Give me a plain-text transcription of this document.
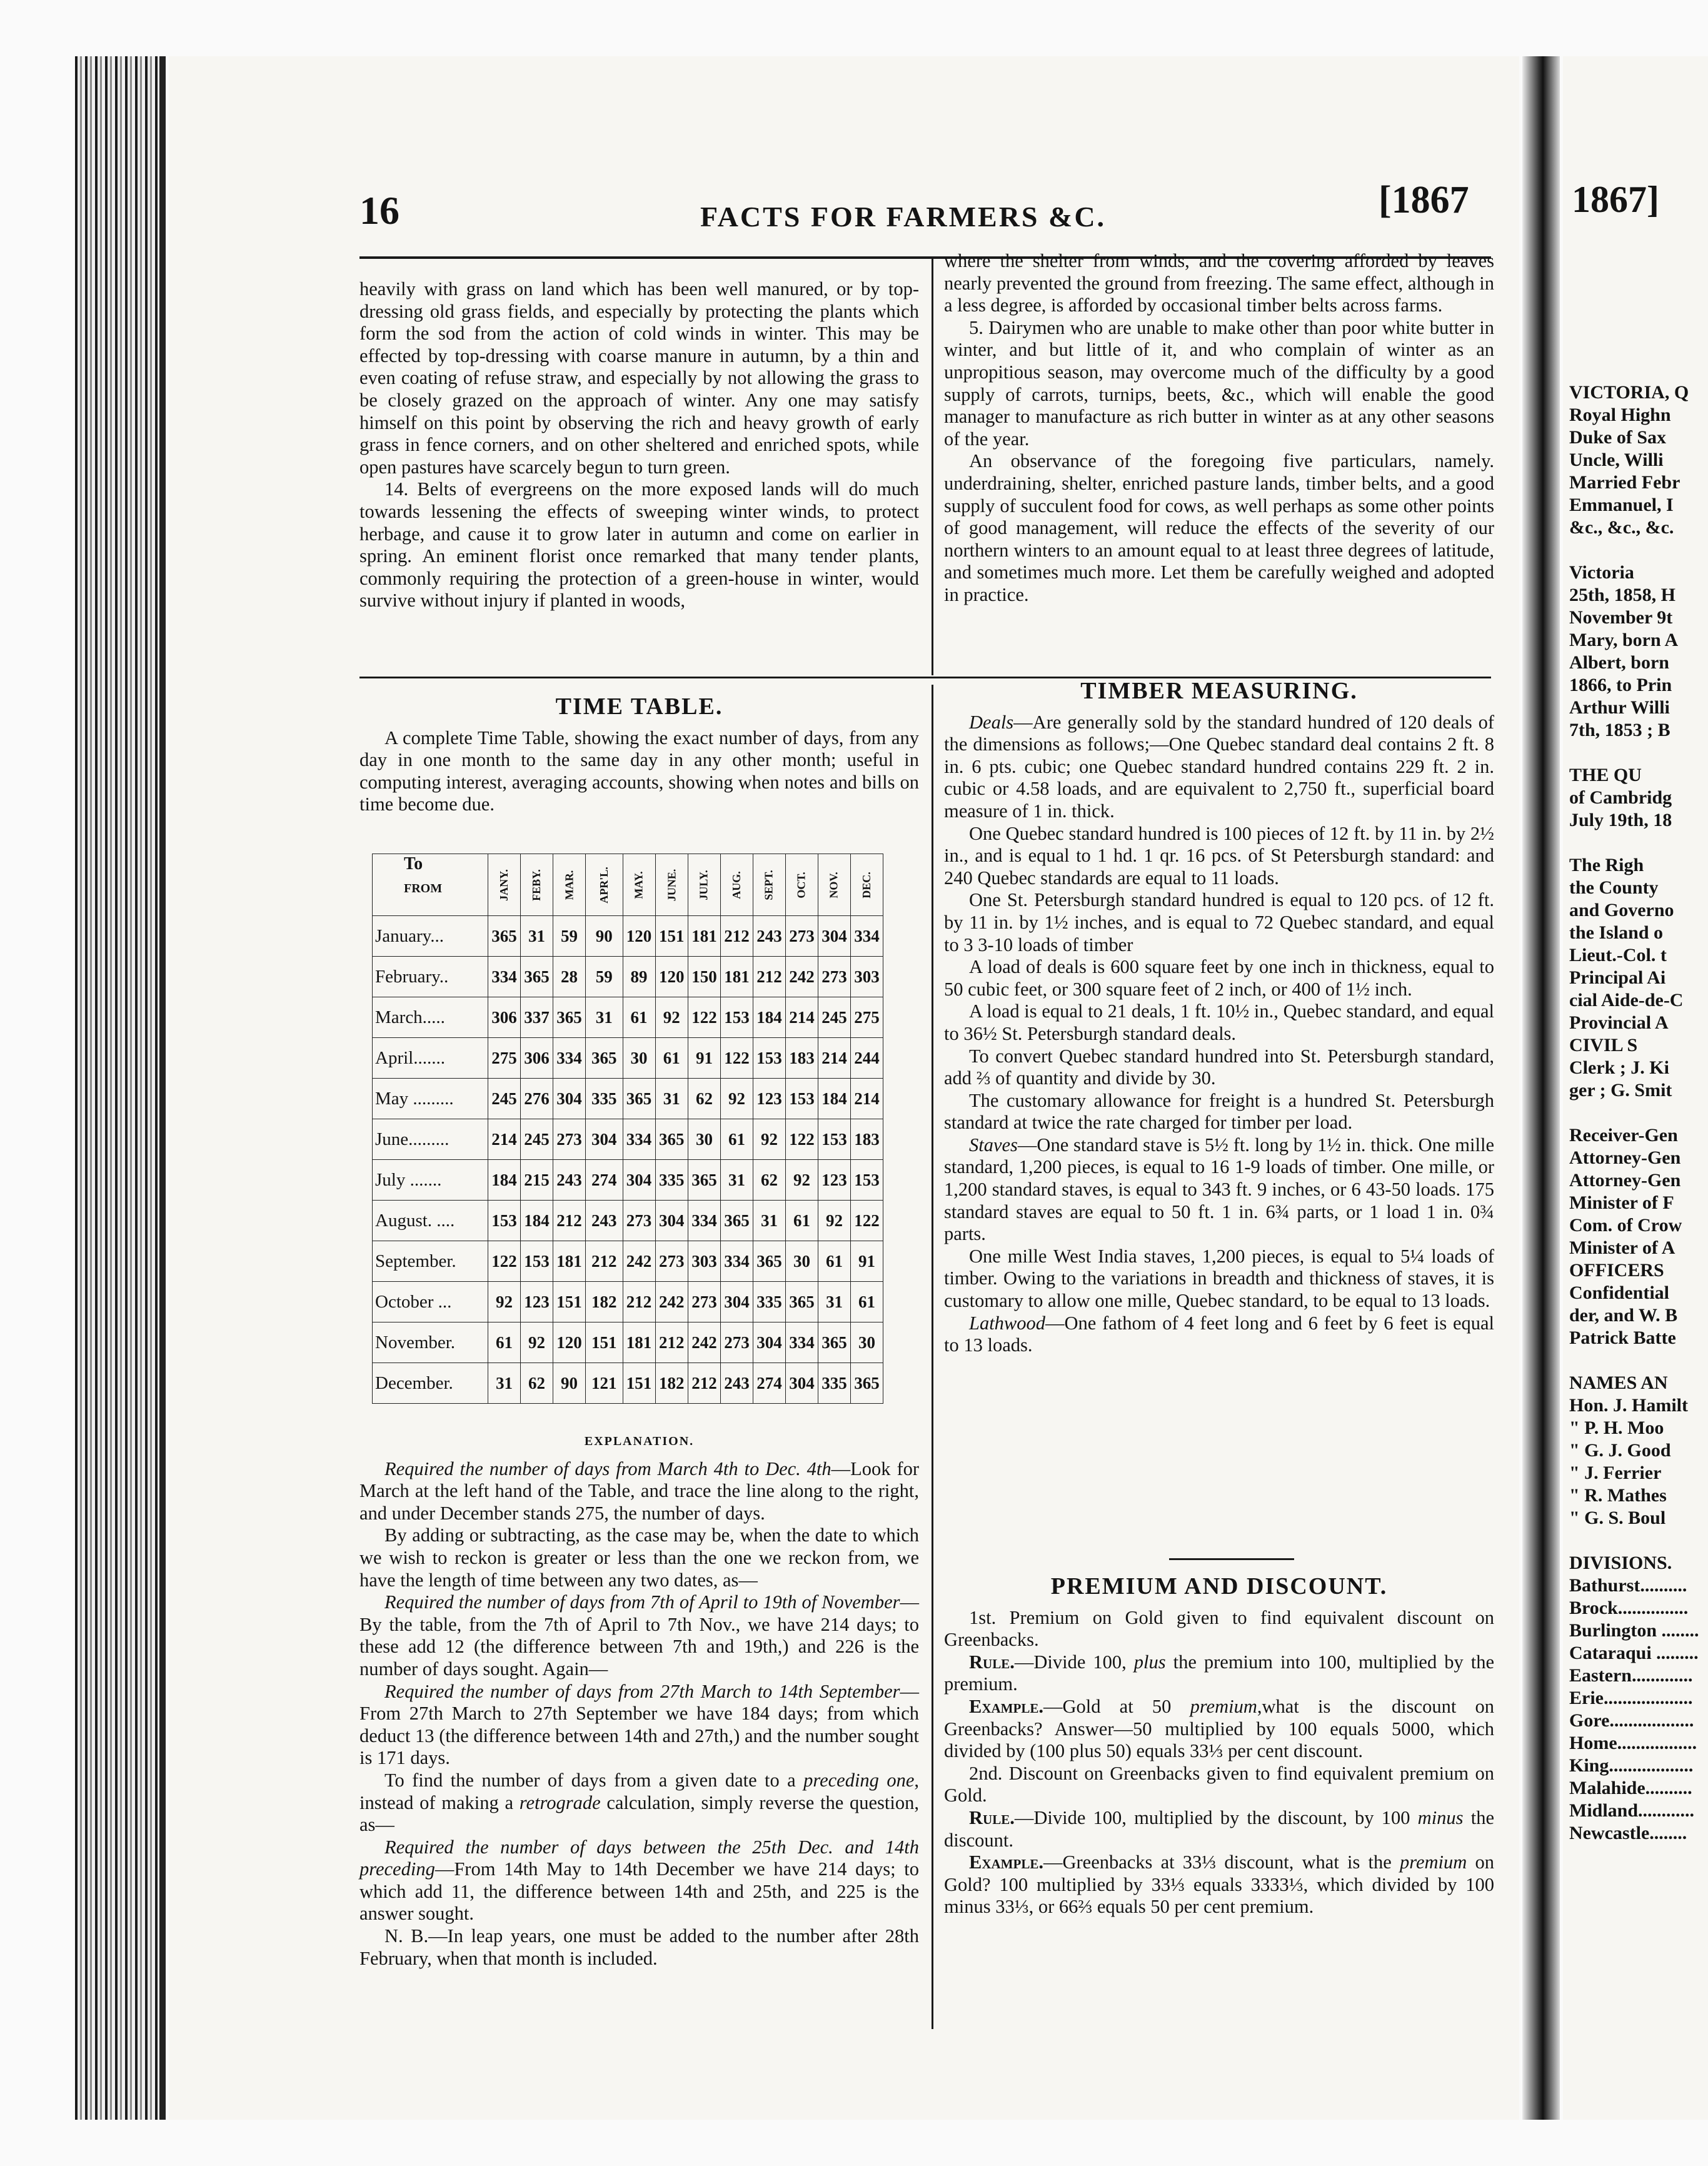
16	FACTS FOR FARMERS &C.	[1867

heavily with grass on land which has been well manured, or by top-dressing old grass fields, and especially by protecting the plants which form the sod from the action of cold winds in winter. This may be effected by top-dressing with coarse manure in autumn, by a thin and even coating of refuse straw, and especially by not allowing the grass to be closely grazed on the approach of winter. Any one may satisfy himself on this point by observing the rich and heavy growth of early grass in fence corners, and on other sheltered and enriched spots, while open pastures have scarcely begun to turn green.

14. Belts of evergreens on the more exposed lands will do much towards lessening the effects of sweeping winter winds, to protect herbage, and cause it to grow later in autumn and come on earlier in spring. An eminent florist once remarked that many tender plants, commonly requiring the protection of a green-house in winter, would survive without injury if planted in woods,

where the shelter from winds, and the covering afforded by leaves nearly prevented the ground from freezing. The same effect, although in a less degree, is afforded by occasional timber belts across farms.

5. Dairymen who are unable to make other than poor white butter in winter, and but little of it, and who complain of winter as an unpropitious season, may overcome much of the difficulty by a good supply of carrots, turnips, beets, &c., which will enable the good manager to manufacture as rich butter in winter as at any other seasons of the year.

An observance of the foregoing five particulars, namely. underdraining, shelter, enriched pasture lands, timber belts, and a good supply of succulent food for cows, as well perhaps as some other points of good management, will reduce the effects of the severity of our northern winters to an amount equal to at least three degrees of latitude, and sometimes much more. Let them be carefully weighed and adopted in practice.

TIME TABLE.

A complete Time Table, showing the exact number of days, from any day in one month to the same day in any other month; useful in computing interest, averaging accounts, showing when notes and bills on time become due.

To
FROM	JANY.	FEBY.	MAR.	APR'L.	MAY.	JUNE.	JULY.	AUG.	SEPT.	OCT.	NOV.	DEC.
January...	365	31	59	90	120	151	181	212	243	273	304	334
February..	334	365	28	59	89	120	150	181	212	242	273	303
March.....	306	337	365	31	61	92	122	153	184	214	245	275
April.......	275	306	334	365	30	61	91	122	153	183	214	244
May .........	245	276	304	335	365	31	62	92	123	153	184	214
June.........	214	245	273	304	334	365	30	61	92	122	153	183
July .......	184	215	243	274	304	335	365	31	62	92	123	153
August. ....	153	184	212	243	273	304	334	365	31	61	92	122
September.	122	153	181	212	242	273	303	334	365	30	61	91
October ...	92	123	151	182	212	242	273	304	335	365	31	61
November.	61	92	120	151	181	212	242	273	304	334	365	30
December.	31	62	90	121	151	182	212	243	274	304	335	365
EXPLANATION.

Required the number of days from March 4th to Dec. 4th—Look for March at the left hand of the Table, and trace the line along to the right, and under December stands 275, the number of days.

By adding or subtracting, as the case may be, when the date to which we wish to reckon is greater or less than the one we reckon from, we have the length of time between any two dates, as—

Required the number of days from 7th of April to 19th of November—By the table, from the 7th of April to 7th Nov., we have 214 days; to these add 12 (the difference between 7th and 19th,) and 226 is the number of days sought. Again—

Required the number of days from 27th March to 14th September—From 27th March to 27th September we have 184 days; from which deduct 13 (the difference between 14th and 27th,) and the number sought is 171 days.

To find the number of days from a given date to a preceding one, instead of making a retrograde calculation, simply reverse the question, as—

Required the number of days between the 25th Dec. and 14th preceding—From 14th May to 14th December we have 214 days; to which add 11, the difference between 14th and 25th, and 225 is the answer sought.

N. B.—In leap years, one must be added to the number after 28th February, when that month is included.

TIMBER MEASURING.

Deals—Are generally sold by the standard hundred of 120 deals of the dimensions as follows;—One Quebec standard deal contains 2 ft. 8 in. 6 pts. cubic; one Quebec standard hundred contains 229 ft. 2 in. cubic or 4.58 loads, and are equivalent to 2,750 ft., superficial board measure of 1 in. thick.

One Quebec standard hundred is 100 pieces of 12 ft. by 11 in. by 2½ in., and is equal to 1 hd. 1 qr. 16 pcs. of St Petersburgh standard: and 240 Quebec standards are equal to 11 loads.

One St. Petersburgh standard hundred is equal to 120 pcs. of 12 ft. by 11 in. by 1½ inches, and is equal to 72 Quebec standard, and equal to 3 3-10 loads of timber

A load of deals is 600 square feet by one inch in thickness, equal to 50 cubic feet, or 300 square feet of 2 inch, or 400 of 1½ inch.

A load is equal to 21 deals, 1 ft. 10½ in., Quebec standard, and equal to 36½ St. Petersburgh standard deals.

To convert Quebec standard hundred into St. Petersburgh standard, add ⅔ of quantity and divide by 30.

The customary allowance for freight is a hundred St. Petersburgh standard at twice the rate charged for timber per load.

Staves—One standard stave is 5½ ft. long by 1½ in. thick. One mille standard, 1,200 pieces, is equal to 16 1-9 loads of timber. One mille, or 1,200 standard staves, is equal to 343 ft. 9 inches, or 6 43-50 loads. 175 standard staves are equal to 50 ft. 1 in. 6¾ parts, or 1 load 1 in. 0¾ parts.

One mille West India staves, 1,200 pieces, is equal to 5¼ loads of timber. Owing to the variations in breadth and thickness of staves, it is customary to allow one mille, Quebec standard, to be equal to 13 loads.

Lathwood—One fathom of 4 feet long and 6 feet by 6 feet is equal to 13 loads.

PREMIUM AND DISCOUNT.

1st. Premium on Gold given to find equivalent discount on Greenbacks.

Rule.—Divide 100, plus the premium into 100, multiplied by the premium.

Example.—Gold at 50 premium,what is the discount on Greenbacks? Answer—50 multiplied by 100 equals 5000, which divided by (100 plus 50) equals 33⅓ per cent discount.

2nd. Discount on Greenbacks given to find equivalent premium on Gold.

Rule.—Divide 100, multiplied by the discount, by 100 minus the discount.

Example.—Greenbacks at 33⅓ discount, what is the premium on Gold? 100 multiplied by 33⅓ equals 3333⅓, which divided by 100 minus 33⅓, or 66⅔ equals 50 per cent premium.

1867]
VICTORIA, Q
Royal Highn
Duke of Sax
Uncle, Willi
Married Febr
Emmanuel, I
&c., &c., &c.
Victoria
25th, 1858, H
November 9t
Mary, born A
Albert, born
1866, to Prin
Arthur Willi
7th, 1853 ; B
THE QU
of Cambridg
July 19th, 18
The Righ
the County
and Governo
the Island o
Lieut.-Col. t
Principal Ai
cial Aide-de-C
Provincial A
CIVIL S
Clerk ; J. Ki
ger ; G. Smit
Receiver-Gen
Attorney-Gen
Attorney-Gen
Minister of F
Com. of Crow
Minister of A
OFFICERS
Confidential
der, and W. B
Patrick Batte
NAMES AN
Hon. J. Hamilt
" P. H. Moo
" G. J. Good
" J. Ferrier
" R. Mathes
" G. S. Boul
DIVISIONS.
Bathurst..........
Brock...............
Burlington ........
Cataraqui .........
Eastern.............
Erie...................
Gore..................
Home.................
King..................
Malahide..........
Midland............
Newcastle........
